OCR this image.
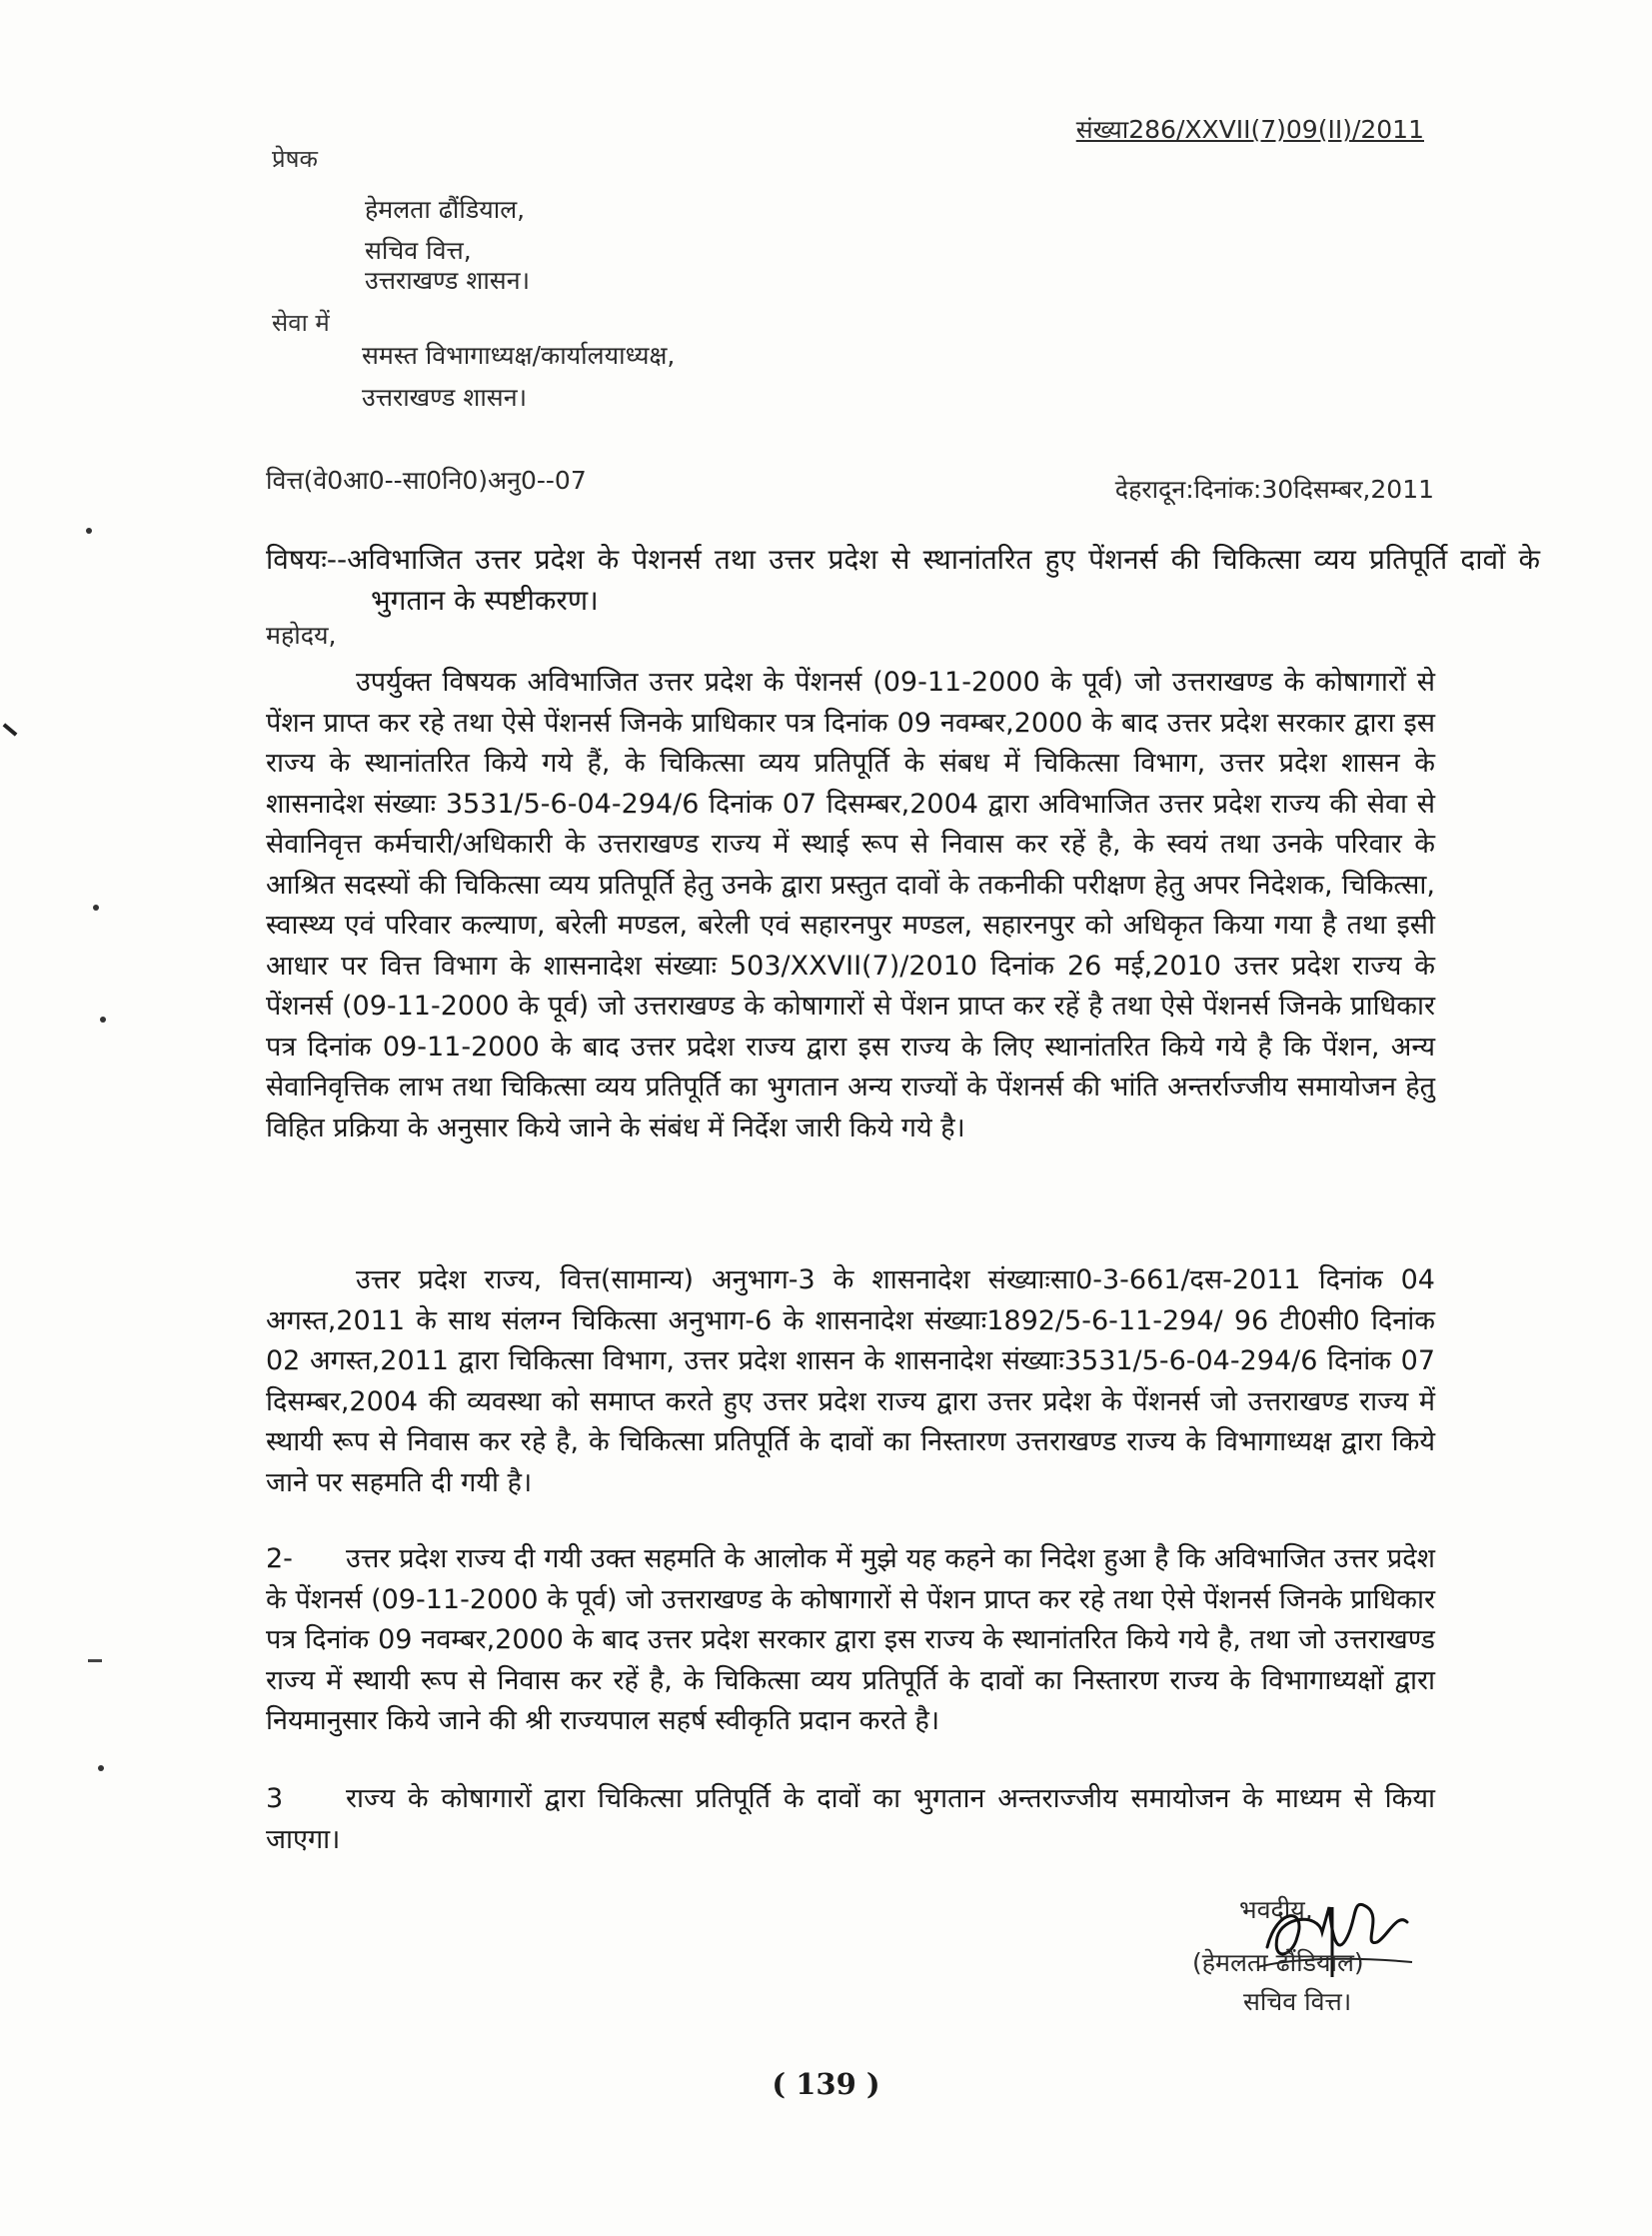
संख्या286/XXVII(7)09(II)/2011
प्रेषक
हेमलता ढौंडियाल,
सचिव वित्त,
उत्तराखण्ड शासन।
सेवा में
समस्त विभागाध्यक्ष/कार्यालयाध्यक्ष,
उत्तराखण्ड शासन।
वित्त(वे0आ0--सा0नि0)अनु0--07	देहरादून:दिनांक:30दिसम्बर,2011
विषयः--अविभाजित उत्तर प्रदेश के पेशनर्स तथा उत्तर प्रदेश से स्थानांतरित हुए पेंशनर्स की चिकित्सा व्यय प्रतिपूर्ति दावों के भुगतान के स्पष्टीकरण।
महोदय,
उपर्युक्त विषयक अविभाजित उत्तर प्रदेश के पेंशनर्स (09-11-2000 के पूर्व) जो उत्तराखण्ड के कोषागारों से पेंशन प्राप्त कर रहे तथा ऐसे पेंशनर्स जिनके प्राधिकार पत्र दिनांक 09 नवम्बर,2000 के बाद उत्तर प्रदेश सरकार द्वारा इस राज्य के स्थानांतरित किये गये हैं, के चिकित्सा व्यय प्रतिपूर्ति के संबध में चिकित्सा विभाग, उत्तर प्रदेश शासन के शासनादेश संख्याः 3531/5-6-04-294/6 दिनांक 07 दिसम्बर,2004 द्वारा अविभाजित उत्तर प्रदेश राज्य की सेवा से सेवानिवृत्त कर्मचारी/अधिकारी के उत्तराखण्ड राज्य में स्थाई रूप से निवास कर रहें है, के स्वयं तथा उनके परिवार के आश्रित सदस्यों की चिकित्सा व्यय प्रतिपूर्ति हेतु उनके द्वारा प्रस्तुत दावों के तकनीकी परीक्षण हेतु अपर निदेशक, चिकित्सा, स्वास्थ्य एवं परिवार कल्याण, बरेली मण्डल, बरेली एवं सहारनपुर मण्डल, सहारनपुर को अधिकृत किया गया है तथा इसी आधार पर वित्त विभाग के शासनादेश संख्याः 503/XXVII(7)/2010 दिनांक 26 मई,2010 उत्तर प्रदेश राज्य के पेंशनर्स (09-11-2000 के पूर्व) जो उत्तराखण्ड के कोषागारों से पेंशन प्राप्त कर रहें है तथा ऐसे पेंशनर्स जिनके प्राधिकार पत्र दिनांक 09-11-2000 के बाद उत्तर प्रदेश राज्य द्वारा इस राज्य के लिए स्थानांतरित किये गये है कि पेंशन, अन्य सेवानिवृत्तिक लाभ तथा चिकित्सा व्यय प्रतिपूर्ति का भुगतान अन्य राज्यों के पेंशनर्स की भांति अन्तर्राज्जीय समायोजन हेतु विहित प्रक्रिया के अनुसार किये जाने के संबंध में निर्देश जारी किये गये है।
उत्तर प्रदेश राज्य, वित्त(सामान्य) अनुभाग-3 के शासनादेश संख्याःसा0-3-661/दस-2011 दिनांक 04 अगस्त,2011 के साथ संलग्न चिकित्सा अनुभाग-6 के शासनादेश संख्याः1892/5-6-11-294/ 96 टी0सी0 दिनांक 02 अगस्त,2011 द्वारा चिकित्सा विभाग, उत्तर प्रदेश शासन के शासनादेश संख्याः3531/5-6-04-294/6 दिनांक 07 दिसम्बर,2004 की व्यवस्था को समाप्त करते हुए उत्तर प्रदेश राज्य द्वारा उत्तर प्रदेश के पेंशनर्स जो उत्तराखण्ड राज्य में स्थायी रूप से निवास कर रहे है, के चिकित्सा प्रतिपूर्ति के दावों का निस्तारण उत्तराखण्ड राज्य के विभागाध्यक्ष द्वारा किये जाने पर सहमति दी गयी है।
2- उत्तर प्रदेश राज्य दी गयी उक्त सहमति के आलोक में मुझे यह कहने का निदेश हुआ है कि अविभाजित उत्तर प्रदेश के पेंशनर्स (09-11-2000 के पूर्व) जो उत्तराखण्ड के कोषागारों से पेंशन प्राप्त कर रहे तथा ऐसे पेंशनर्स जिनके प्राधिकार पत्र दिनांक 09 नवम्बर,2000 के बाद उत्तर प्रदेश सरकार द्वारा इस राज्य के स्थानांतरित किये गये है, तथा जो उत्तराखण्ड राज्य में स्थायी रूप से निवास कर रहें है, के चिकित्सा व्यय प्रतिपूर्ति के दावों का निस्तारण राज्य के विभागाध्यक्षों द्वारा नियमानुसार किये जाने की श्री राज्यपाल सहर्ष स्वीकृति प्रदान करते है।
3 राज्य के कोषागारों द्वारा चिकित्सा प्रतिपूर्ति के दावों का भुगतान अन्तराज्जीय समायोजन के माध्यम से किया जाएगा।
भवदीय,
(हेमलता ढौंडियाल)
सचिव वित्त।
( 139 )
